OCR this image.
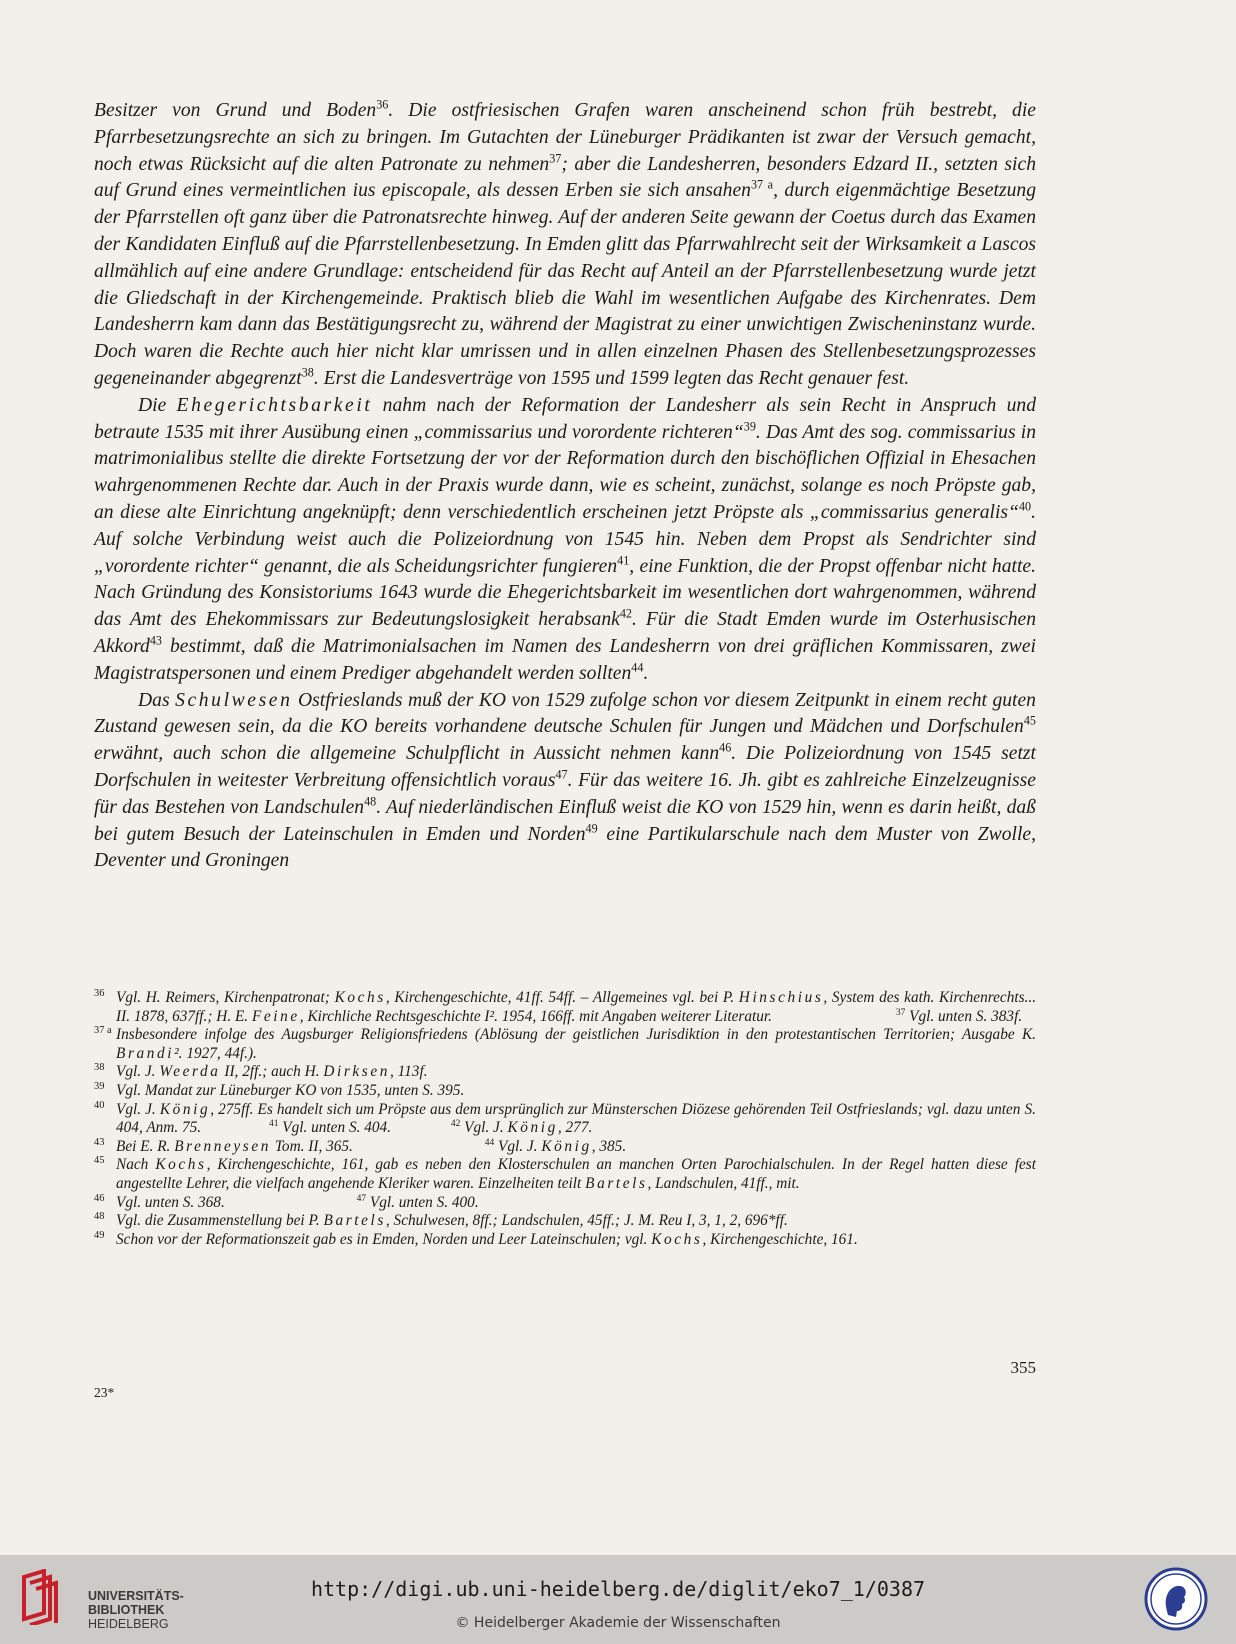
Besitzer von Grund und Boden$^{36}$. Die ostfriesischen Grafen waren anscheinend schon früh bestrebt, die Pfarrbesetzungsrechte an sich zu bringen. Im Gutachten der Lüneburger Prädikanten ist zwar der Versuch gemacht, noch etwas Rücksicht auf die alten Patronate zu nehmen$^{37}$; aber die Landesherren, besonders Edzard II., setzten sich auf Grund eines vermeintlichen ius episcopale, als dessen Erben sie sich ansahen$^{37 a}$, durch eigenmächtige Besetzung der Pfarrstellen oft ganz über die Patronatsrechte hinweg. Auf der anderen Seite gewann der Coetus durch das Examen der Kandidaten Einfluß auf die Pfarrstellenbesetzung. In Emden glitt das Pfarrwahlrecht seit der Wirksamkeit a Lascos allmählich auf eine andere Grundlage: entscheidend für das Recht auf Anteil an der Pfarrstellenbesetzung wurde jetzt die Gliedschaft in der Kirchengemeinde. Praktisch blieb die Wahl im wesentlichen Aufgabe des Kirchenrates. Dem Landesherrn kam dann das Bestätigungsrecht zu, während der Magistrat zu einer unwichtigen Zwischeninstanz wurde. Doch waren die Rechte auch hier nicht klar umrissen und in allen einzelnen Phasen des Stellenbesetzungsprozesses gegeneinander abgegrenzt$^{38}$. Erst die Landesverträge von 1595 und 1599 legten das Recht genauer fest.

Die Ehegerichtsbarkeit nahm nach der Reformation der Landesherr als sein Recht in Anspruch und betraute 1535 mit ihrer Ausübung einen „commissarius und vorordente richteren“$^{39}$. Das Amt des sog. commissarius in matrimonialibus stellte die direkte Fortsetzung der vor der Reformation durch den bischöflichen Offizial in Ehesachen wahrgenommenen Rechte dar. Auch in der Praxis wurde dann, wie es scheint, zunächst, solange es noch Pröpste gab, an diese alte Einrichtung angeknüpft; denn verschiedentlich erscheinen jetzt Pröpste als „commissarius generalis“$^{40}$. Auf solche Verbindung weist auch die Polizeiordnung von 1545 hin. Neben dem Propst als Sendrichter sind „vorordente richter“ genannt, die als Scheidungsrichter fungieren$^{41}$, eine Funktion, die der Propst offenbar nicht hatte. Nach Gründung des Konsistoriums 1643 wurde die Ehegerichtsbarkeit im wesentlichen dort wahrgenommen, während das Amt des Ehekommissars zur Bedeutungslosigkeit herabsank$^{42}$. Für die Stadt Emden wurde im Osterhusischen Akkord$^{43}$ bestimmt, daß die Matrimonialsachen im Namen des Landesherrn von drei gräflichen Kommissaren, zwei Magistratspersonen und einem Prediger abgehandelt werden sollten$^{44}$.

Das Schulwesen Ostfrieslands muß der KO von 1529 zufolge schon vor diesem Zeitpunkt in einem recht guten Zustand gewesen sein, da die KO bereits vorhandene deutsche Schulen für Jungen und Mädchen und Dorfschulen$^{45}$ erwähnt, auch schon die allgemeine Schulpflicht in Aussicht nehmen kann$^{46}$. Die Polizeiordnung von 1545 setzt Dorfschulen in weitester Verbreitung offensichtlich voraus$^{47}$. Für das weitere 16. Jh. gibt es zahlreiche Einzelzeugnisse für das Bestehen von Landschulen$^{48}$. Auf niederländischen Einfluß weist die KO von 1529 hin, wenn es darin heißt, daß bei gutem Besuch der Lateinschulen in Emden und Norden$^{49}$ eine Partikularschule nach dem Muster von Zwolle, Deventer und Groningen

$^{36}$ Vgl. H. Reimers, Kirchenpatronat; Kochs, Kirchengeschichte, 41ff. 54ff. – Allgemeines vgl. bei P. Hinschius, System des kath. Kirchenrechts... II. 1878, 637ff.; H. E. Feine, Kirchliche Rechtsgeschichte I². 1954, 166ff. mit Angaben weiterer Literatur.	$^{37}$ Vgl. unten S. 383f.
$^{37 a}$ Insbesondere infolge des Augsburger Religionsfriedens (Ablösung der geistlichen Jurisdiktion in den protestantischen Territorien; Ausgabe K. Brandi². 1927, 44f.).
$^{38}$ Vgl. J. Weerda II, 2ff.; auch H. Dirksen, 113f.
$^{39}$ Vgl. Mandat zur Lüneburger KO von 1535, unten S. 395.
$^{40}$ Vgl. J. König, 275ff. Es handelt sich um Pröpste aus dem ursprünglich zur Münsterschen Diözese gehörenden Teil Ostfrieslands; vgl. dazu unten S. 404, Anm. 75.	$^{41}$ Vgl. unten S. 404.	$^{42}$ Vgl. J. König, 277.
$^{43}$ Bei E. R. Brenneysen Tom. II, 365.	$^{44}$ Vgl. J. König, 385.
$^{45}$ Nach Kochs, Kirchengeschichte, 161, gab es neben den Klosterschulen an manchen Orten Parochialschulen. In der Regel hatten diese fest angestellte Lehrer, die vielfach angehende Kleriker waren. Einzelheiten teilt Bartels, Landschulen, 41ff., mit.
$^{46}$ Vgl. unten S. 368.	$^{47}$ Vgl. unten S. 400.
$^{48}$ Vgl. die Zusammenstellung bei P. Bartels, Schulwesen, 8ff.; Landschulen, 45ff.; J. M. Reu I, 3, 1, 2, 696*ff.
$^{49}$ Schon vor der Reformationszeit gab es in Emden, Norden und Leer Lateinschulen; vgl. Kochs, Kirchengeschichte, 161.
355
23*
UNIVERSITÄTS-
BIBLIOTHEK
HEIDELBERG
http://digi.ub.uni-heidelberg.de/diglit/eko7_1/0387
© Heidelberger Akademie der Wissenschaften
